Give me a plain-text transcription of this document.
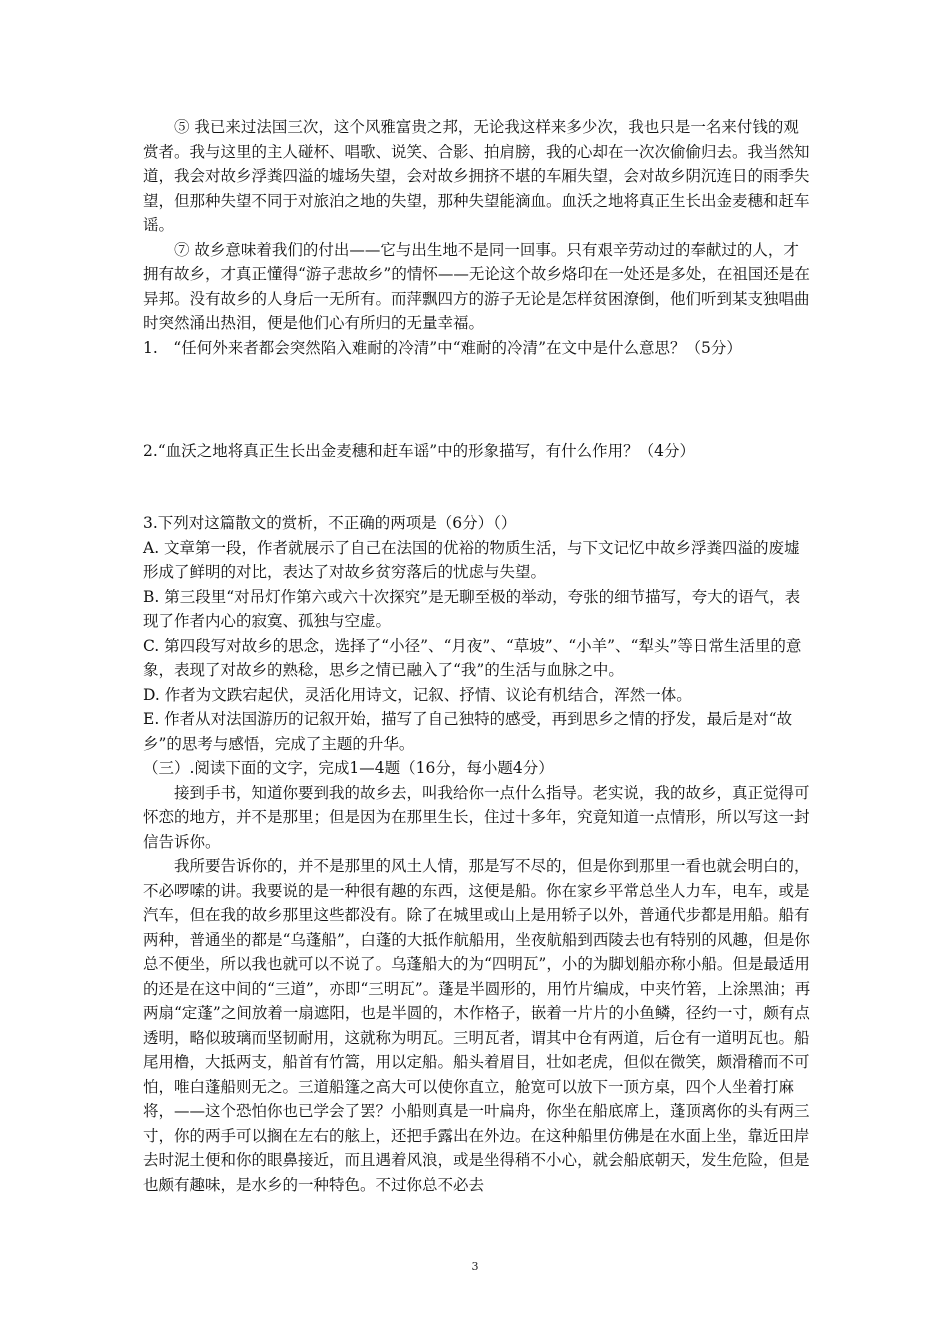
⑤ 我已来过法国三次，这个风雅富贵之邦，无论我这样来多少次，我也只是一名来付钱的观赏者。我与这里的主人碰杯、唱歌、说笑、合影、拍肩膀，我的心却在一次次偷偷归去。我当然知道，我会对故乡浮粪四溢的墟场失望，会对故乡拥挤不堪的车厢失望，会对故乡阴沉连日的雨季失望，但那种失望不同于对旅泊之地的失望，那种失望能滴血。血沃之地将真正生长出金麦穗和赶车谣。

⑦ 故乡意味着我们的付出——它与出生地不是同一回事。只有艰辛劳动过的奉献过的人，才拥有故乡，才真正懂得“游子悲故乡”的情怀——无论这个故乡烙印在一处还是多处，在祖国还是在异邦。没有故乡的人身后一无所有。而萍飘四方的游子无论是怎样贫困潦倒，他们听到某支独唱曲时突然涌出热泪，便是他们心有所归的无量幸福。

1.　“任何外来者都会突然陷入难耐的冷清”中“难耐的冷清”在文中是什么意思？（5分）

2.“血沃之地将真正生长出金麦穗和赶车谣”中的形象描写，有什么作用？（4分）

3.下列对这篇散文的赏析，不正确的两项是（6分）（）

A. 文章第一段，作者就展示了自己在法国的优裕的物质生活，与下文记忆中故乡浮粪四溢的废墟形成了鲜明的对比，表达了对故乡贫穷落后的忧虑与失望。

B. 第三段里“对吊灯作第六或六十次探究”是无聊至极的举动，夸张的细节描写，夸大的语气，表现了作者内心的寂寞、孤独与空虚。

C. 第四段写对故乡的思念，选择了“小径”、“月夜”、“草坡”、“小羊”、“犁头”等日常生活里的意象，表现了对故乡的熟稔，思乡之情已融入了“我”的生活与血脉之中。

D. 作者为文跌宕起伏，灵活化用诗文，记叙、抒情、议论有机结合，浑然一体。

E. 作者从对法国游历的记叙开始，描写了自己独特的感受，再到思乡之情的抒发，最后是对“故乡”的思考与感悟，完成了主题的升华。

（三）.阅读下面的文字，完成1—4题（16分，每小题4分）

接到手书，知道你要到我的故乡去，叫我给你一点什么指导。老实说，我的故乡，真正觉得可怀恋的地方，并不是那里；但是因为在那里生长，住过十多年，究竟知道一点情形，所以写这一封信告诉你。

我所要告诉你的，并不是那里的风土人情，那是写不尽的，但是你到那里一看也就会明白的，不必啰嗦的讲。我要说的是一种很有趣的东西，这便是船。你在家乡平常总坐人力车，电车，或是汽车，但在我的故乡那里这些都没有。除了在城里或山上是用轿子以外，普通代步都是用船。船有两种，普通坐的都是“乌蓬船”，白蓬的大抵作航船用，坐夜航船到西陵去也有特别的风趣，但是你总不便坐，所以我也就可以不说了。乌蓬船大的为“四明瓦”，小的为脚划船亦称小船。但是最适用的还是在这中间的“三道”，亦即“三明瓦”。蓬是半圆形的，用竹片编成，中夹竹箬，上涂黑油；再两扇“定蓬”之间放着一扇遮阳，也是半圆的，木作格子，嵌着一片片的小鱼鳞，径约一寸，颇有点透明，略似玻璃而坚韧耐用，这就称为明瓦。三明瓦者，谓其中仓有两道，后仓有一道明瓦也。船尾用橹，大抵两支，船首有竹篙，用以定船。船头着眉目，壮如老虎，但似在微笑，颇滑稽而不可怕，唯白蓬船则无之。三道船篷之高大可以使你直立，舱宽可以放下一顶方桌，四个人坐着打麻将，——这个恐怕你也已学会了罢？小船则真是一叶扁舟，你坐在船底席上，蓬顶离你的头有两三寸，你的两手可以搁在左右的舷上，还把手露出在外边。在这种船里仿佛是在水面上坐，靠近田岸去时泥土便和你的眼鼻接近，而且遇着风浪，或是坐得稍不小心，就会船底朝天，发生危险，但是也颇有趣味，是水乡的一种特色。不过你总不必去

3
